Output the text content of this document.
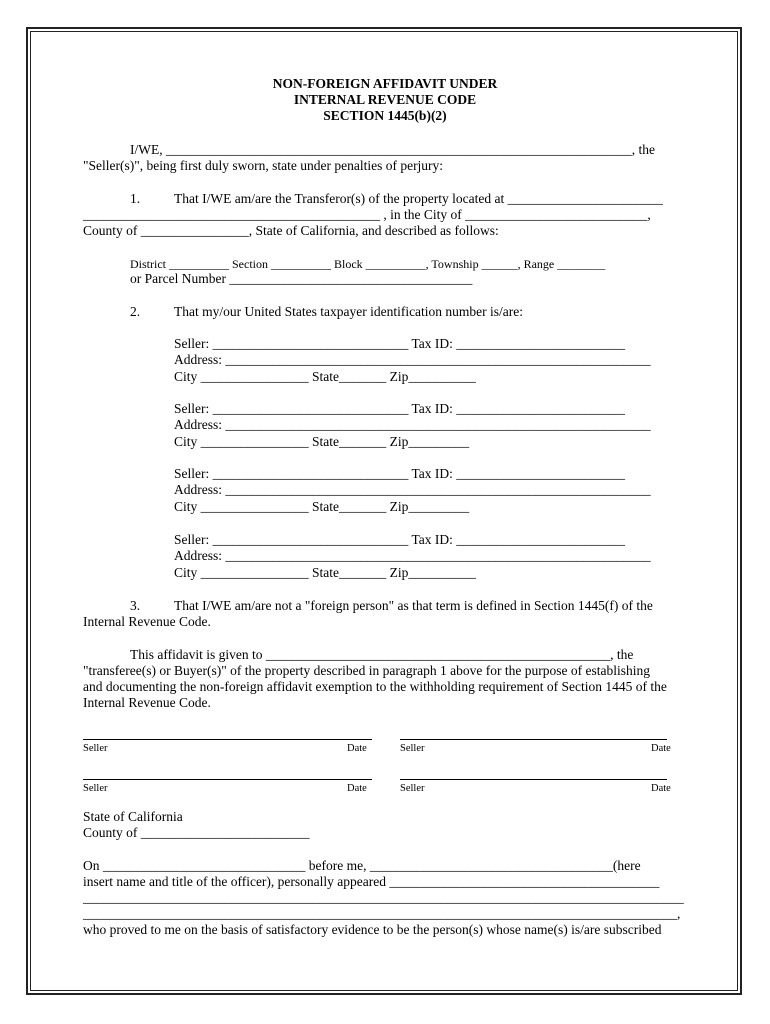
NON-FOREIGN AFFIDAVIT UNDER
INTERNAL REVENUE CODE
SECTION 1445(b)(2)
I/WE, _____________________________________________________________________, the
"Seller(s)", being first duly sworn, state under penalties of perjury:
1.	That I/WE am/are the Transferor(s) of the property located at _______________________
____________________________________________ , in the City of ___________________________,
County of ________________, State of California, and described as follows:
District __________ Section __________ Block __________, Township ______, Range ________
or Parcel Number ____________________________________
2.	That my/our United States taxpayer identification number is/are:
Seller: _____________________________ Tax ID: _________________________
Address: _______________________________________________________________
City ________________ State_______ Zip__________
Seller: _____________________________ Tax ID: _________________________
Address: _______________________________________________________________
City ________________ State_______ Zip_________
Seller: _____________________________ Tax ID: _________________________
Address: _______________________________________________________________
City ________________ State_______ Zip_________
Seller: _____________________________ Tax ID: _________________________
Address: _______________________________________________________________
City ________________ State_______ Zip__________
3.	That I/WE am/are not a "foreign person" as that term is defined in Section 1445(f) of the
Internal Revenue Code.
This affidavit is given to ___________________________________________________, the
"transferee(s) or Buyer(s)" of the property described in paragraph 1 above for the purpose of establishing
and documenting the non-foreign affidavit exemption to the withholding requirement of Section 1445 of the
Internal Revenue Code.
Seller	Date	Seller	Date
Seller	Date	Seller	Date
State of California
County of _________________________
On ______________________________ before me, ____________________________________(here
insert name and title of the officer), personally appeared ________________________________________
_________________________________________________________________________________________
________________________________________________________________________________________,
who proved to me on the basis of satisfactory evidence to be the person(s) whose name(s) is/are subscribed
